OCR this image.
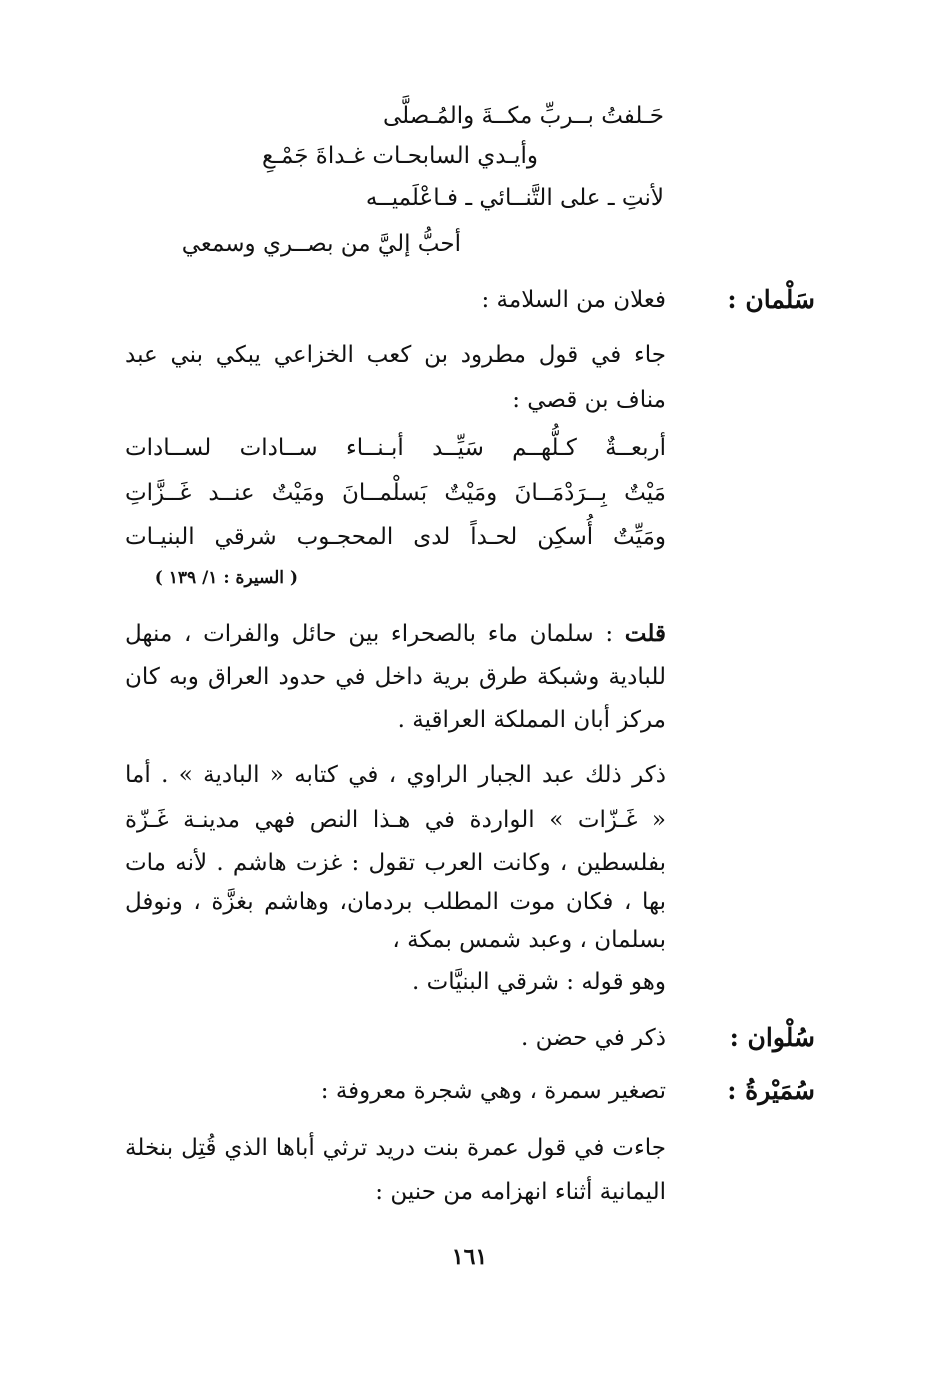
حَـلفتُ بــربِّ مكــةَ والمُـصلَّى
وأيـدي السابحـات غـداةَ جَمْـعِ
لأنتِ ـ على التَّنــائي ـ فـاعْلَميــه
أحبُّ إليَّ من بصــري وسمعي
سَلْمان :
فعلان من السلامة :
جاء في قول مطرود بن كعب الخزاعي يبكي بني عبد
مناف بن قصي :
أربعــةٌ كـلُّهــم سَيِّــد أبـنــاء ســادات لســادات
مَيْتٌ بِــرَدْمَــانَ ومَيْتٌ بَسلْمــانَ ومَيْتٌ عنــد غَــزَّاتِ
ومَيِّتٌ أُسكِن لحـداً لدى المحجـوب شرقي البنيـات
( السيرة : ١/ ١٣٩ )
قلت : سلمان ماء بالصحراء بين حائل والفرات ، منهل
للبادية وشبكة طرق برية داخل في حدود العراق وبه كان
مركز أبان المملكة العراقية .
ذكر ذلك عبد الجبار الراوي ، في كتابه « البادية » . أما
« غَـزّات » الواردة في هـذا النص فهي مدينـة غَـزّة
بفلسطين ، وكانت العرب تقول : غزت هاشم . لأنه مات
بها ، فكان موت المطلب بردمان، وهاشم بغزَّة ، ونوفل
بسلمان ، وعبد شمس بمكة ،
وهو قوله : شرقي البنيَّات .
سُلْوان :
ذكر في حضن .
سُمَيْرةُ :
تصغير سمرة ، وهي شجرة معروفة :
جاءت في قول عمرة بنت دريد ترثي أباها الذي قُتِل بنخلة
اليمانية أثناء انهزامه من حنين :
١٦١
